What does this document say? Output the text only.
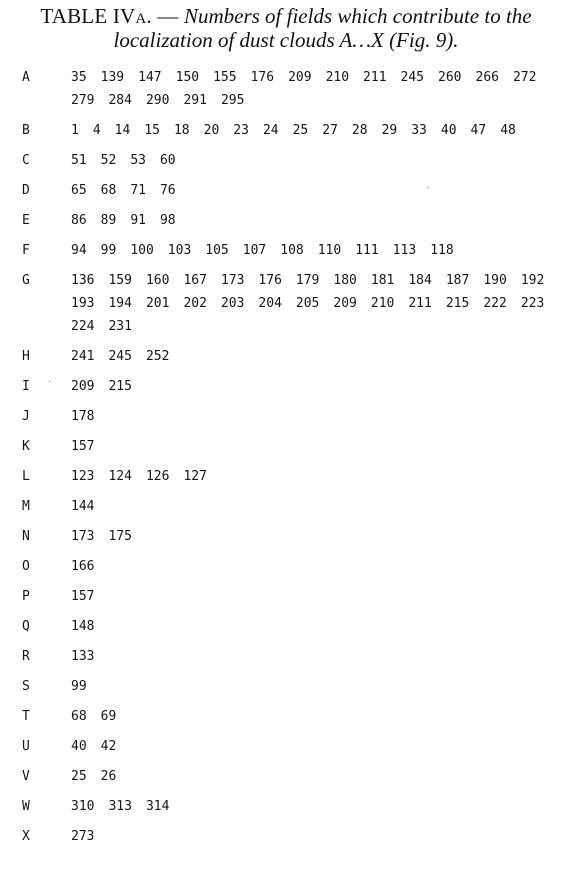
TABLE IVa. — Numbers of fields which contribute to the localization of dust clouds A…X (Fig. 9).
A	35 139 147 150 155 176 209 210 211 245 260 266 272
279 284 290 291 295
B	1 4 14 15 18 20 23 24 25 27 28 29 33 40 47 48
C	51 52 53 60
D	65 68 71 76
E	86 89 91 98
F	94 99 100 103 105 107 108 110 111 113 118
G	136 159 160 167 173 176 179 180 181 184 187 190 192
193 194 201 202 203 204 205 209 210 211 215 222 223
224 231
H	241 245 252
I	209 215
J	178
K	157
L	123 124 126 127
M	144
N	173 175
O	166
P	157
Q	148
R	133
S	99
T	68 69
U	40 42
V	25 26
W	310 313 314
X	273
·
·
